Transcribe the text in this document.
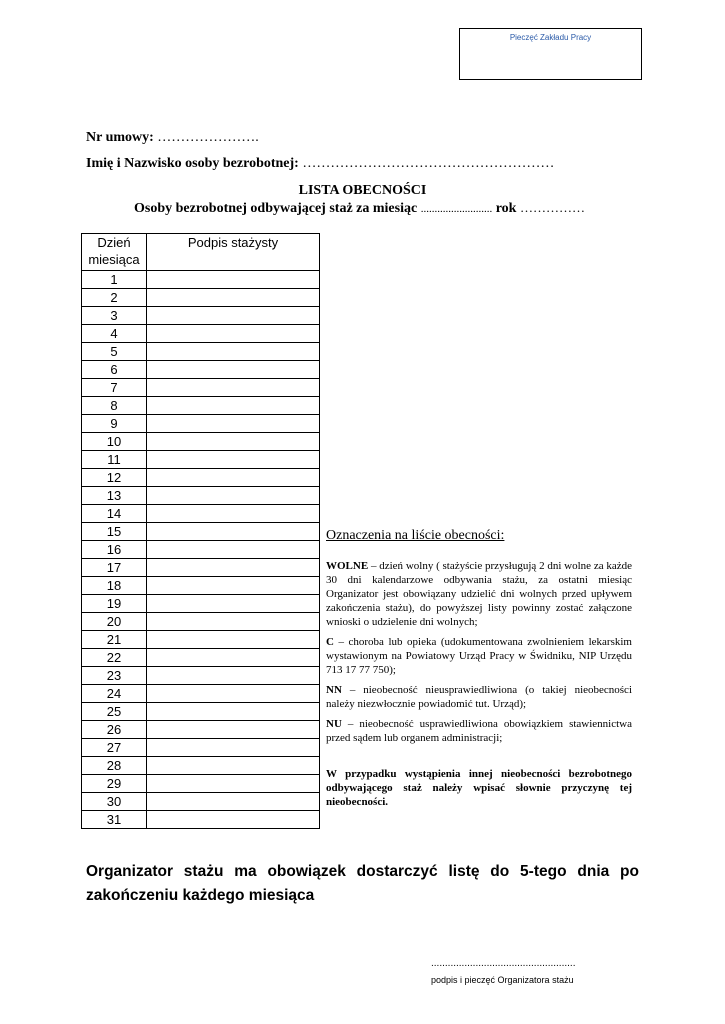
Pieczęć Zakładu Pracy
Nr umowy: ………………….
Imię i Nazwisko osoby bezrobotnej: ………………………………………………
LISTA OBECNOŚCI
Osoby bezrobotnej odbywającej staż za miesiąc .......................... rok ……………
Dzień miesiąca	Podpis stażysty
1	
2	
3	
4	
5	
6	
7	
8	
9	
10	
11	
12	
13	
14	
15	
16	
17	
18	
19	
20	
21	
22	
23	
24	
25	
26	
27	
28	
29	
30	
31	
Oznaczenia na liście obecności:

WOLNE – dzień wolny ( stażyście przysługują 2 dni wolne za każde 30 dni kalendarzowe odbywania stażu, za ostatni miesiąc Organizator jest obowiązany udzielić dni wolnych przed upływem zakończenia stażu), do powyższej listy powinny zostać załączone wnioski o udzielenie dni wolnych;

C – choroba lub opieka (udokumentowana zwolnieniem lekarskim wystawionym na Powiatowy Urząd Pracy w Świdniku, NIP Urzędu 713 17 77 750);

NN – nieobecność nieusprawiedliwiona (o takiej nieobecności należy niezwłocznie powiadomić tut. Urząd);

NU – nieobecność usprawiedliwiona obowiązkiem stawiennictwa przed sądem lub organem administracji;

W przypadku wystąpienia innej nieobecności bezrobotnego odbywającego staż należy wpisać słownie przyczynę tej nieobecności.

Organizator stażu ma obowiązek dostarczyć listę do 5-tego dnia po zakończeniu każdego miesiąca
....................................................
podpis i pieczęć Organizatora stażu
